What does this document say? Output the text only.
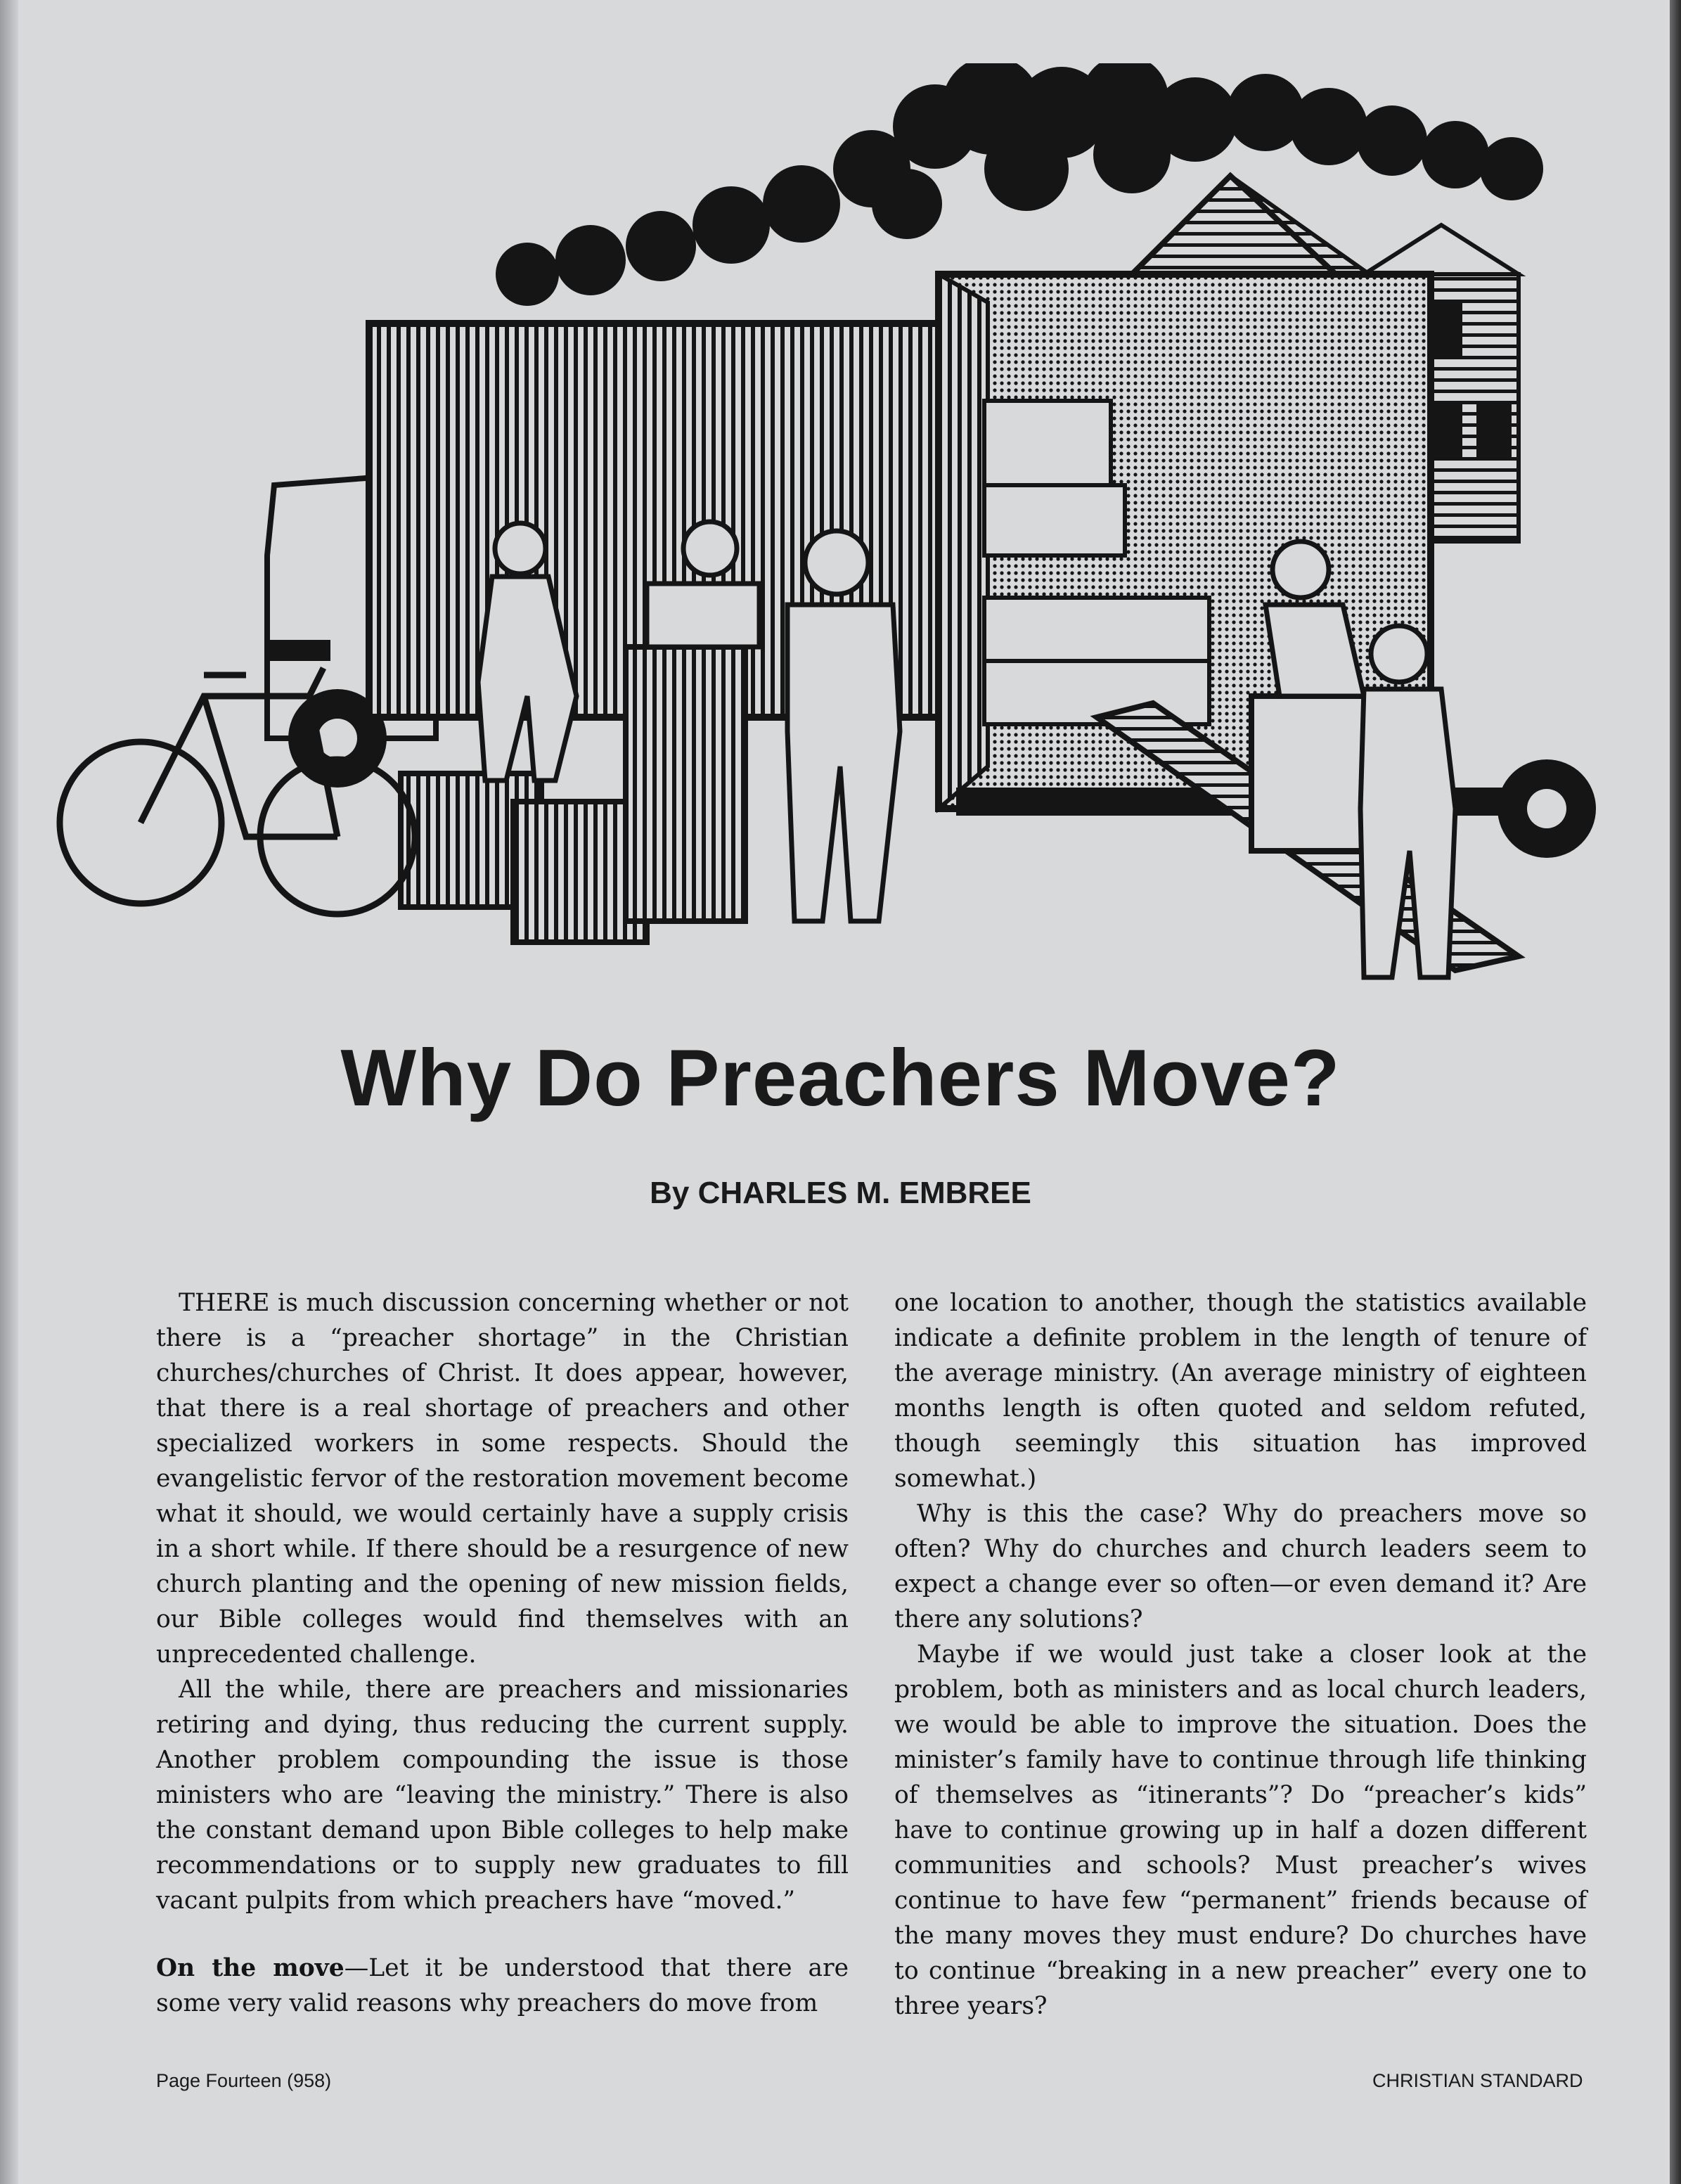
Why Do Preachers Move?
By CHARLES M. EMBREE

THERE is much discussion concerning whether or not there is a “preacher shortage” in the Christian churches/churches of Christ. It does appear, however, that there is a real shortage of preachers and other specialized workers in some respects. Should the evangelistic fervor of the restoration movement become what it should, we would certainly have a supply crisis in a short while. If there should be a resurgence of new church planting and the opening of new mission fields, our Bible colleges would find themselves with an unprecedented challenge.

All the while, there are preachers and missionaries retiring and dying, thus reducing the current supply. Another problem compounding the issue is those ministers who are “leaving the ministry.” There is also the constant demand upon Bible colleges to help make recommendations or to supply new graduates to fill vacant pulpits from which preachers have “moved.”

On the move—Let it be understood that there are some very valid reasons why preachers do move from

one location to another, though the statistics available indicate a definite problem in the length of tenure of the average ministry. (An average ministry of eighteen months length is often quoted and seldom refuted, though seemingly this situation has improved somewhat.)

Why is this the case? Why do preachers move so often? Why do churches and church leaders seem to expect a change ever so often—or even demand it? Are there any solutions?

Maybe if we would just take a closer look at the problem, both as ministers and as local church leaders, we would be able to improve the situation. Does the minister’s family have to continue through life thinking of themselves as “itinerants”? Do “preacher’s kids” have to continue growing up in half a dozen different communities and schools? Must preacher’s wives continue to have few “permanent” friends because of the many moves they must endure? Do churches have to continue “breaking in a new preacher” every one to three years?

Page Fourteen (958)	CHRISTIAN STANDARD
